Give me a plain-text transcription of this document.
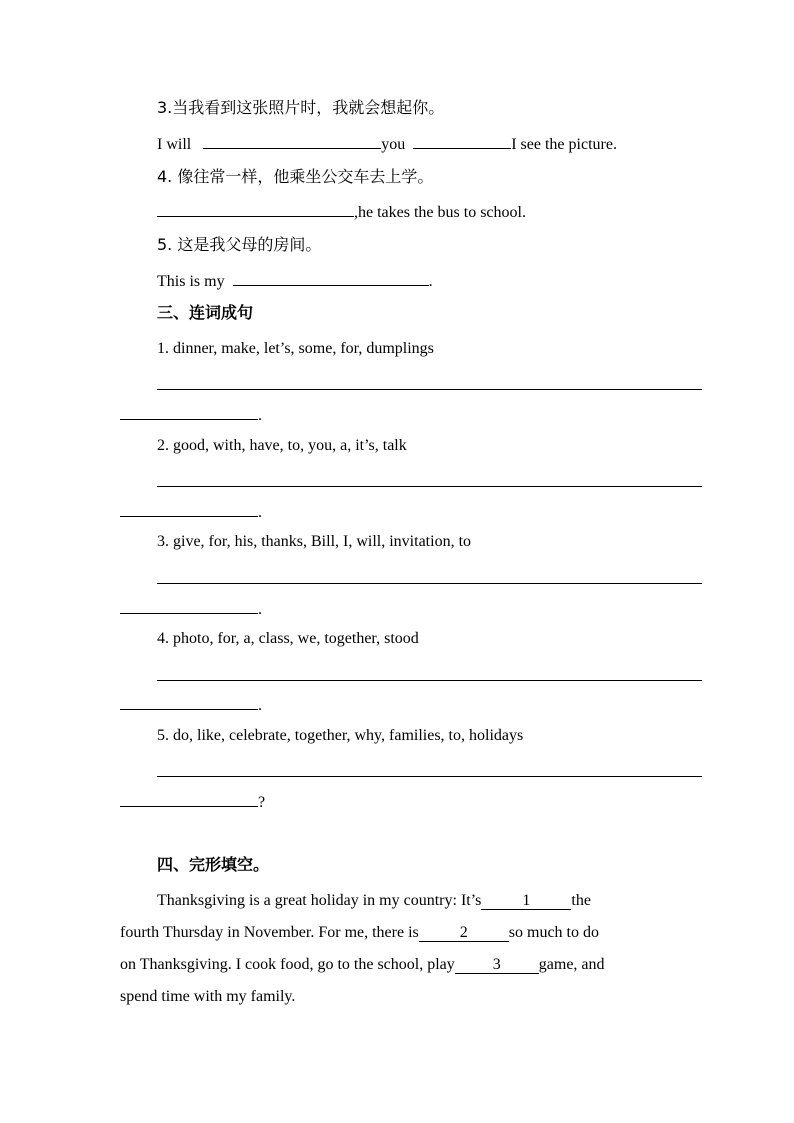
3.当我看到这张照片时，我就会想起你。
I will	you	I see the picture.
4. 像往常一样，他乘坐公交车去上学。
,he takes the bus to school.
5. 这是我父母的房间。
This is my	.
三、连词成句
1. dinner, make, let’s, some, for, dumplings
.
2. good, with, have, to, you, a, it’s, talk
.
3. give, for, his, thanks, Bill, I, will, invitation, to
.
4. photo, for, a, class, we, together, stood
.
5. do, like, celebrate, together, why, families, to, holidays
?
四、完形填空。
Thanksgiving is a great holiday in my country: It’s	1	the
fourth Thursday in November. For me, there is	2	so much to do
on Thanksgiving. I cook food, go to the school, play 3 game, and
spend time with my family.
